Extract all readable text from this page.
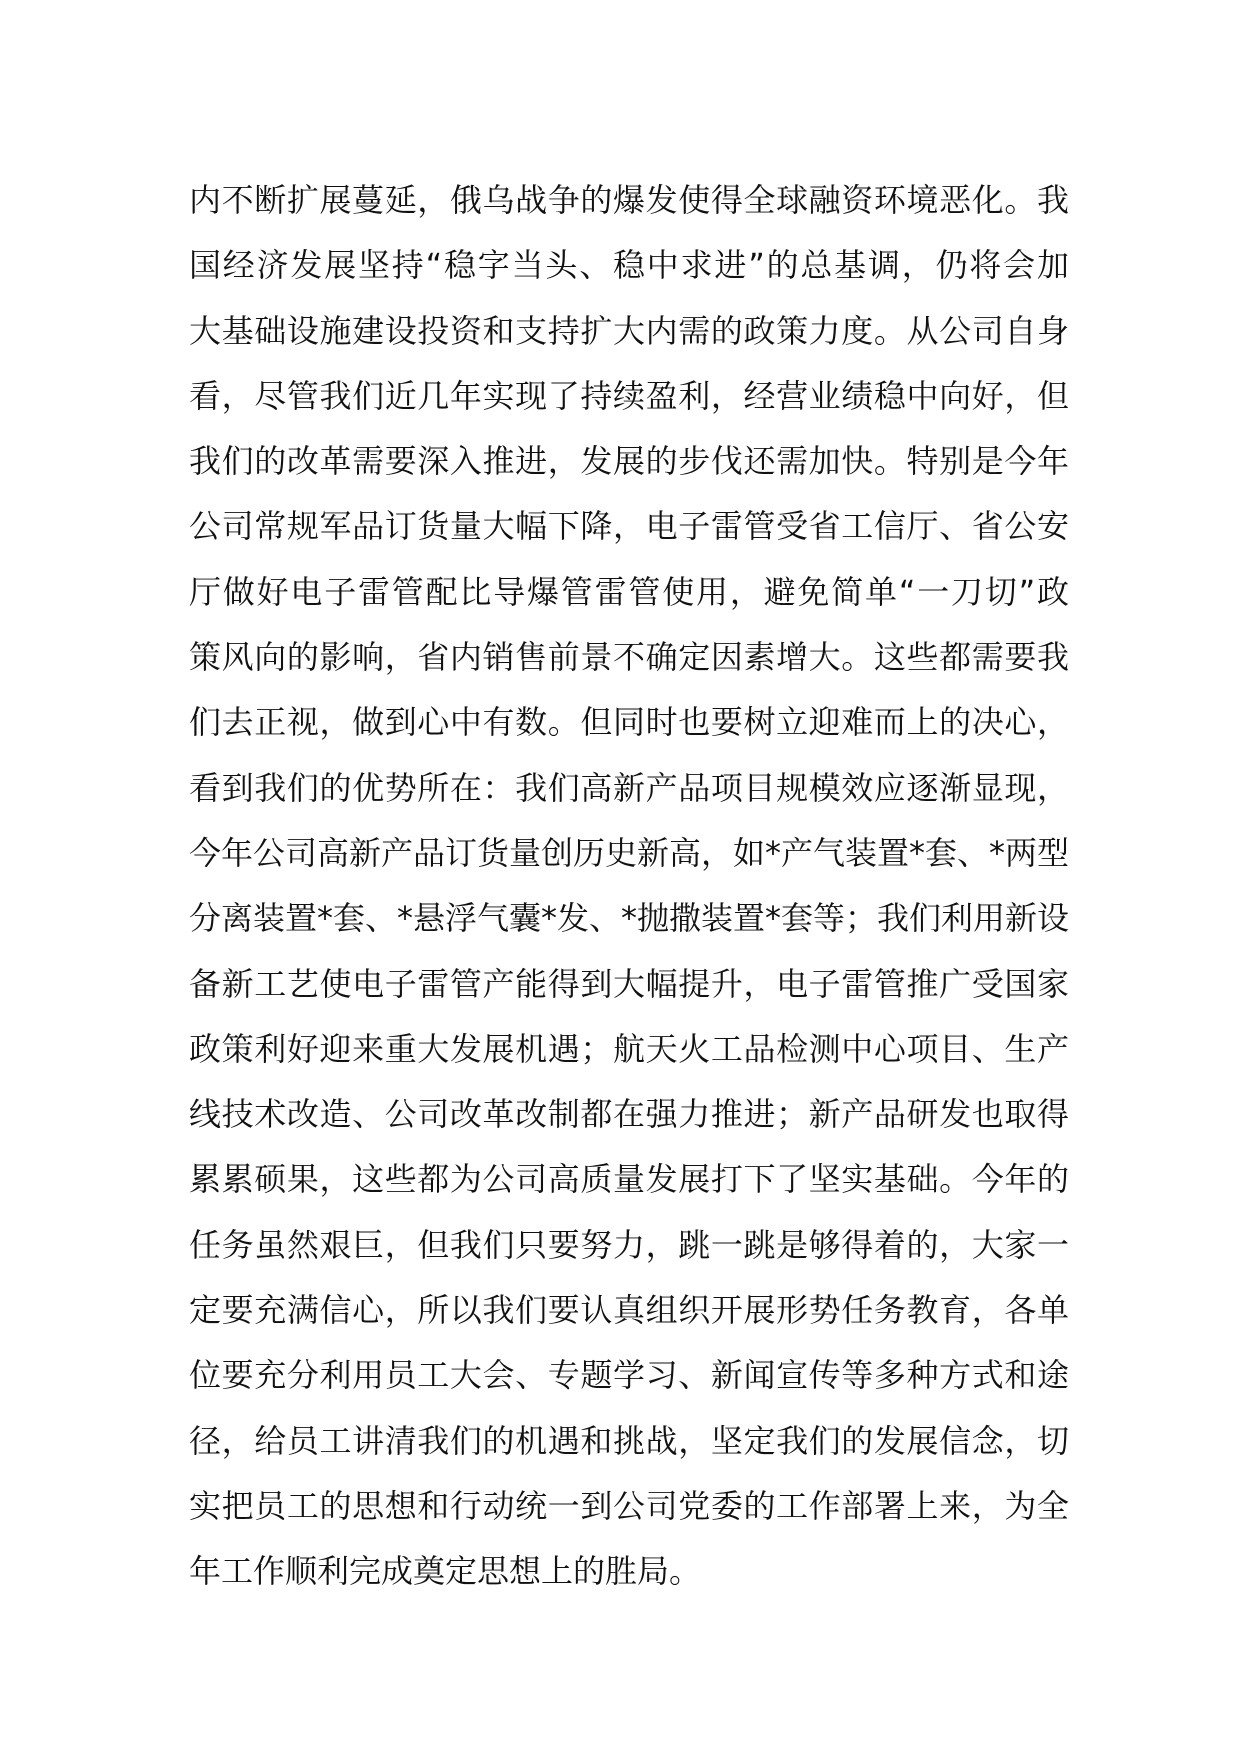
内不断扩展蔓延，俄乌战争的爆发使得全球融资环境恶化。我
国经济发展坚持“稳字当头、稳中求进”的总基调，仍将会加
大基础设施建设投资和支持扩大内需的政策力度。从公司自身
看，尽管我们近几年实现了持续盈利，经营业绩稳中向好，但
我们的改革需要深入推进，发展的步伐还需加快。特别是今年
公司常规军品订货量大幅下降，电子雷管受省工信厅、省公安
厅做好电子雷管配比导爆管雷管使用，避免简单“一刀切”政
策风向的影响，省内销售前景不确定因素增大。这些都需要我
们去正视，做到心中有数。但同时也要树立迎难而上的决心，
看到我们的优势所在：我们高新产品项目规模效应逐渐显现，
今年公司高新产品订货量创历史新高，如*产气装置*套、*两型
分离装置*套、*悬浮气囊*发、*抛撒装置*套等；我们利用新设
备新工艺使电子雷管产能得到大幅提升，电子雷管推广受国家
政策利好迎来重大发展机遇；航天火工品检测中心项目、生产
线技术改造、公司改革改制都在强力推进；新产品研发也取得
累累硕果，这些都为公司高质量发展打下了坚实基础。今年的
任务虽然艰巨，但我们只要努力，跳一跳是够得着的，大家一
定要充满信心，所以我们要认真组织开展形势任务教育，各单
位要充分利用员工大会、专题学习、新闻宣传等多种方式和途
径，给员工讲清我们的机遇和挑战，坚定我们的发展信念，切
实把员工的思想和行动统一到公司党委的工作部署上来，为全
年工作顺利完成奠定思想上的胜局。
